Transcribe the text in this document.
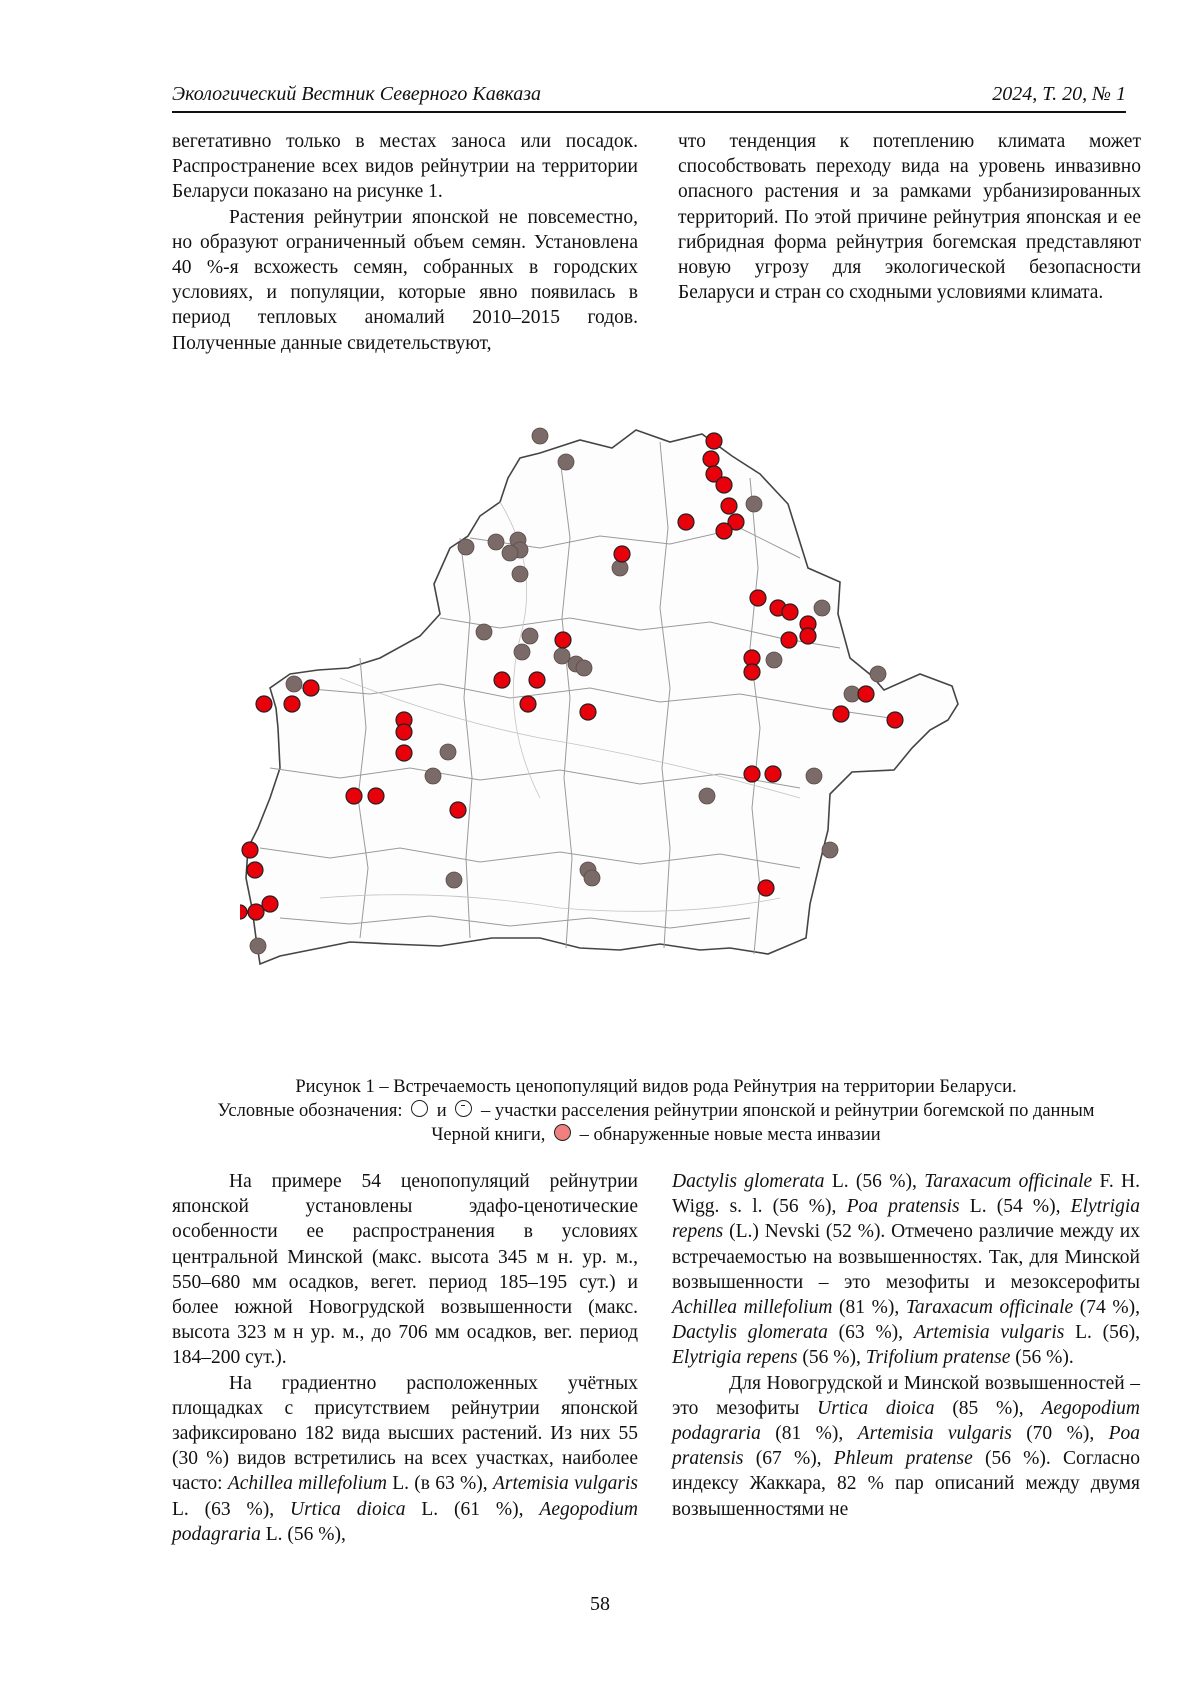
Экологический Вестник Северного Кавказа	2024, Т. 20, № 1

вегетативно только в местах заноса или посадок. Распространение всех видов рейнутрии на территории Беларуси показано на рисунке 1.

Растения рейнутрии японской не повсеместно, но образуют ограниченный объем семян. Установлена 40 %-я всхожесть семян, собранных в городских условиях, и популяции, которые явно появилась в период тепловых аномалий 2010–2015 годов. Полученные данные свидетельствуют,

что тенденция к потеплению климата может способствовать переходу вида на уровень инвазивно опасного растения и за рамками урбанизированных территорий. По этой причине рейнутрия японская и ее гибридная форма рейнутрия богемская представляют новую угрозу для экологической безопасности Беларуси и стран со сходными условиями климата.

Рисунок 1 – Встречаемость ценопопуляций видов рода Рейнутрия на территории Беларуси.

Условные обозначения: и – участки расселения рейнутрии японской и рейнутрии богемской по данным

Черной книги, – обнаруженные новые места инвазии

На примере 54 ценопопуляций рейнутрии японской установлены эдафо-ценотические особенности ее распространения в условиях центральной Минской (макс. высота 345 м н. ур. м., 550–680 мм осадков, вегет. период 185–195 сут.) и более южной Новогрудской возвышенности (макс. высота 323 м н ур. м., до 706 мм осадков, вег. период 184–200 сут.).

На градиентно расположенных учётных площадках с присутствием рейнутрии японской зафиксировано 182 вида высших растений. Из них 55 (30 %) видов встретились на всех участках, наиболее часто: Achillea millefolium L. (в 63 %), Artemisia vulgaris L. (63 %), Urtica dioica L. (61 %), Aegopodium podagraria L. (56 %),

Dactylis glomerata L. (56 %), Taraxacum officinale F. H. Wigg. s. l. (56 %), Poa pratensis L. (54 %), Elytrigia repens (L.) Nevski (52 %). Отмечено различие между их встречаемостью на возвышенностях. Так, для Минской возвышенности – это мезофиты и мезоксерофиты Achillea millefolium (81 %), Taraxacum officinale (74 %), Dactylis glomerata (63 %), Artemisia vulgaris L. (56), Elytrigia repens (56 %), Trifolium pratense (56 %).

Для Новогрудской и Минской возвышенностей – это мезофиты Urtica dioica (85 %), Aegopodium podagraria (81 %), Artemisia vulgaris (70 %), Poa pratensis (67 %), Phleum pratense (56 %). Согласно индексу Жаккара, 82 % пар описаний между двумя возвышенностями не

58
